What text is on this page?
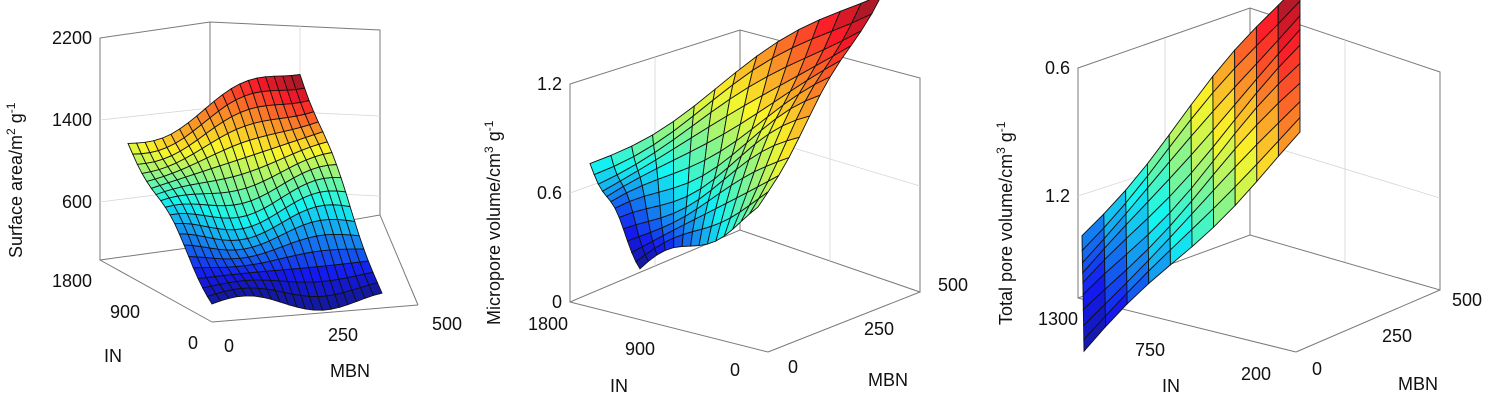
2200
1400
600
1800
900
0 0
250
500
IN
MBN
Surface area/$m^2$ $g^{-1}$
1.2
0.6
0
1800
900
0	0
250
500
IN	MBN
Micropore volume/$cm^3$ $g^{-1}$
0.6
1.2
1300
750
200 0
250
500
IN	MBN
Total pore volume/$cm^3$ $g^{-1}$
